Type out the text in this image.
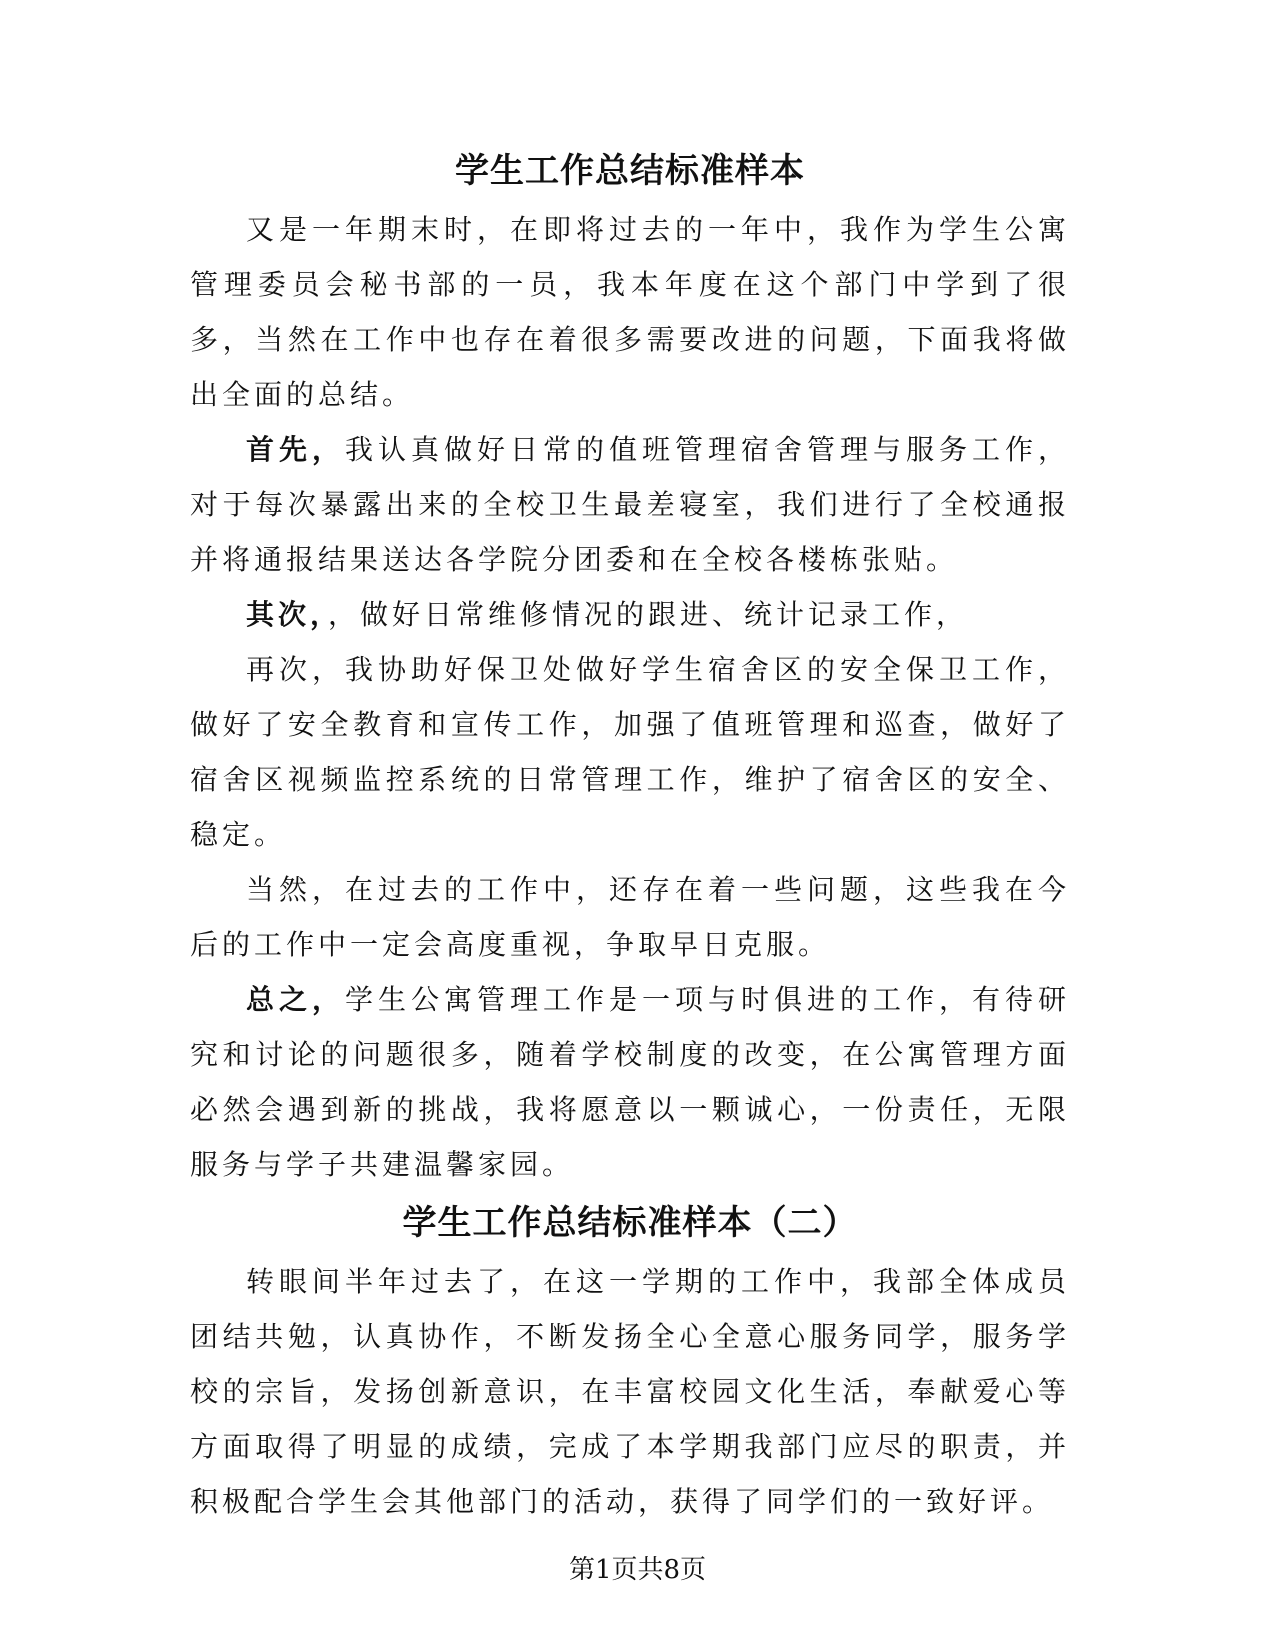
学生工作总结标准样本

又是一年期末时，在即将过去的一年中，我作为学生公寓管理委员会秘书部的一员，我本年度在这个部门中学到了很多，当然在工作中也存在着很多需要改进的问题，下面我将做出全面的总结。

首先，我认真做好日常的值班管理宿舍管理与服务工作，对于每次暴露出来的全校卫生最差寝室，我们进行了全校通报并将通报结果送达各学院分团委和在全校各楼栋张贴。

其次，，做好日常维修情况的跟进、统计记录工作，

再次，我协助好保卫处做好学生宿舍区的安全保卫工作，做好了安全教育和宣传工作，加强了值班管理和巡查，做好了宿舍区视频监控系统的日常管理工作，维护了宿舍区的安全、稳定。

当然，在过去的工作中，还存在着一些问题，这些我在今后的工作中一定会高度重视，争取早日克服。

总之，学生公寓管理工作是一项与时俱进的工作，有待研究和讨论的问题很多，随着学校制度的改变，在公寓管理方面必然会遇到新的挑战，我将愿意以一颗诚心，一份责任，无限服务与学子共建温馨家园。

学生工作总结标准样本（二）

转眼间半年过去了，在这一学期的工作中，我部全体成员团结共勉，认真协作，不断发扬全心全意心服务同学，服务学校的宗旨，发扬创新意识，在丰富校园文化生活，奉献爱心等方面取得了明显的成绩，完成了本学期我部门应尽的职责，并积极配合学生会其他部门的活动，获得了同学们的一致好评。

第1页共8页
